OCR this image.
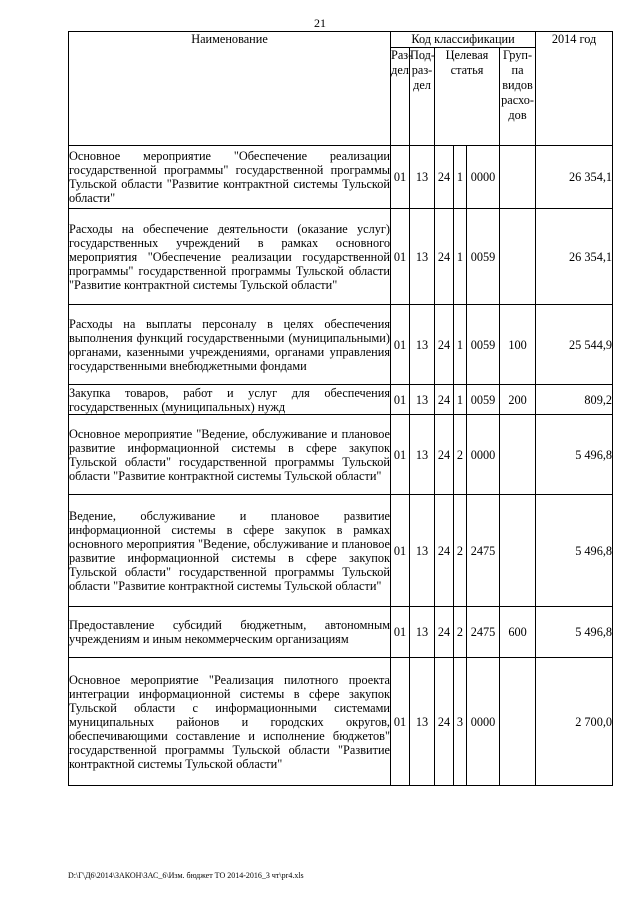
21
Наименование	Код классификации						2014 год
	Раз-дел	Под-раз-дел	Целевая статья			Груп-па видов расхо-дов	
Основное мероприятие "Обеспечение реализации государственной программы" государственной программы Тульской области "Развитие контрактной системы Тульской области"	01	13	24	1	0000		26 354,1
Расходы на обеспечение деятельности (оказание услуг) государственных учреждений в рамках основного мероприятия "Обеспечение реализации государственной программы" государственной программы Тульской области "Развитие контрактной системы Тульской области"	01	13	24	1	0059		26 354,1
Расходы на выплаты персоналу в целях обеспечения выполнения функций государственными (муниципальными) органами, казенными учреждениями, органами управления государственными внебюджетными фондами	01	13	24	1	0059	100	25 544,9
Закупка товаров, работ и услуг для обеспечения государственных (муниципальных) нужд	01	13	24	1	0059	200	809,2
Основное мероприятие "Ведение, обслуживание и плановое развитие информационной системы в сфере закупок Тульской области" государственной программы Тульской области "Развитие контрактной системы Тульской области"	01	13	24	2	0000		5 496,8
Ведение, обслуживание и плановое развитие информационной системы в сфере закупок в рамках основного мероприятия "Ведение, обслуживание и плановое развитие информационной системы в сфере закупок Тульской области" государственной программы Тульской области "Развитие контрактной системы Тульской области"	01	13	24	2	2475		5 496,8
Предоставление субсидий бюджетным, автономным учреждениям и иным некоммерческим организациям	01	13	24	2	2475	600	5 496,8
Основное мероприятие "Реализация пилотного проекта интеграции информационной системы в сфере закупок Тульской области с информационными системами муниципальных районов и городских округов, обеспечивающими составление и исполнение бюджетов" государственной программы Тульской области "Развитие контрактной системы Тульской области"	01	13	24	3	0000		2 700,0
D:\Г\Д6\2014\ЗАКОН\ЗАС_6\Изм. бюджет ТО 2014-2016_3 чт\pr4.xls
